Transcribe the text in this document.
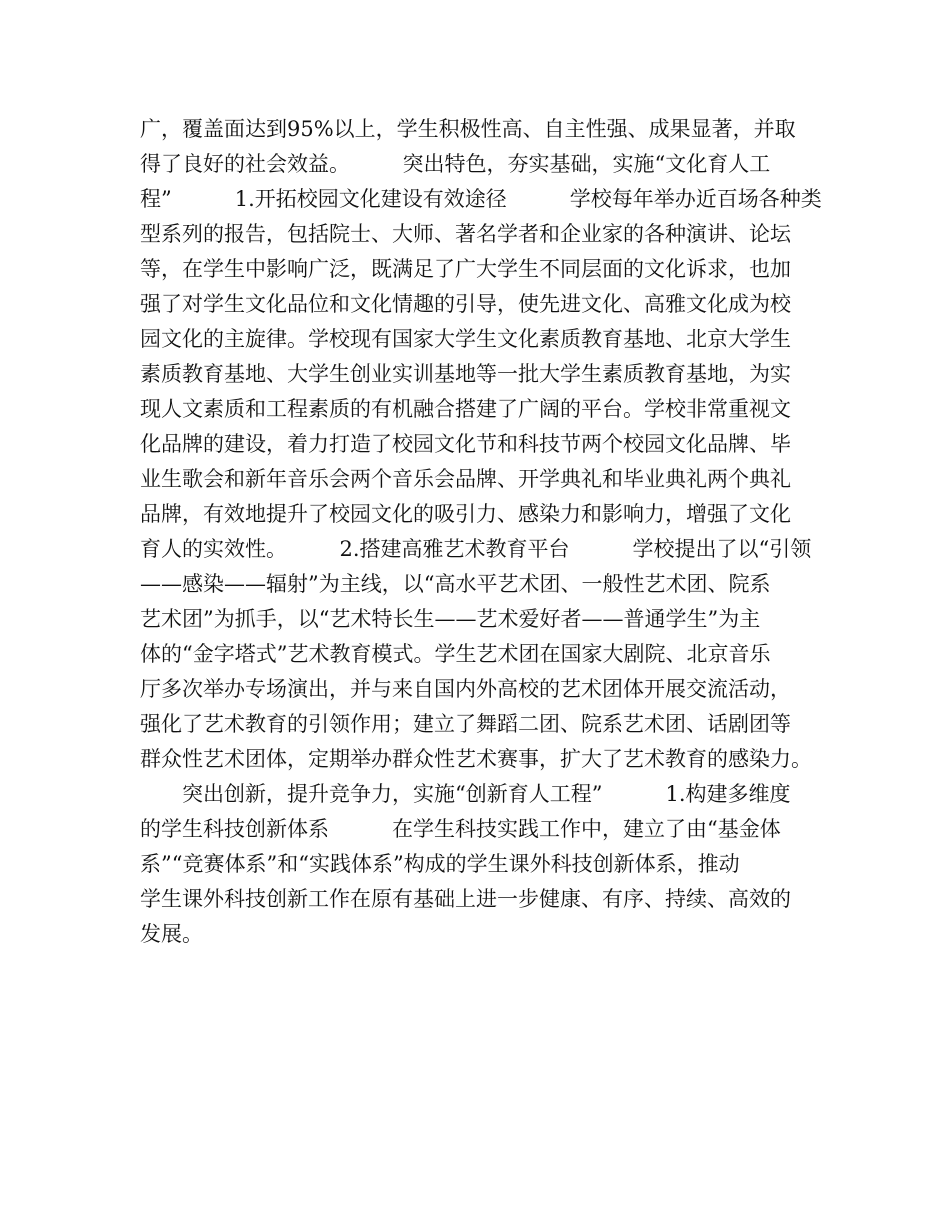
广，覆盖面达到95%以上，学生积极性高、自主性强、成果显著，并取
得了良好的社会效益。　　　突出特色，夯实基础，实施“文化育人工
程”　　　1.开拓校园文化建设有效途径　　　学校每年举办近百场各种类
型系列的报告，包括院士、大师、著名学者和企业家的各种演讲、论坛
等，在学生中影响广泛，既满足了广大学生不同层面的文化诉求，也加
强了对学生文化品位和文化情趣的引导，使先进文化、高雅文化成为校
园文化的主旋律。学校现有国家大学生文化素质教育基地、北京大学生
素质教育基地、大学生创业实训基地等一批大学生素质教育基地，为实
现人文素质和工程素质的有机融合搭建了广阔的平台。学校非常重视文
化品牌的建设，着力打造了校园文化节和科技节两个校园文化品牌、毕
业生歌会和新年音乐会两个音乐会品牌、开学典礼和毕业典礼两个典礼
品牌，有效地提升了校园文化的吸引力、感染力和影响力，增强了文化
育人的实效性。　　　2.搭建高雅艺术教育平台　　　学校提出了以“引领
——感染——辐射”为主线，以“高水平艺术团、一般性艺术团、院系
艺术团”为抓手，以“艺术特长生——艺术爱好者——普通学生”为主
体的“金字塔式”艺术教育模式。学生艺术团在国家大剧院、北京音乐
厅多次举办专场演出，并与来自国内外高校的艺术团体开展交流活动，
强化了艺术教育的引领作用；建立了舞蹈二团、院系艺术团、话剧团等
群众性艺术团体，定期举办群众性艺术赛事，扩大了艺术教育的感染力。
　　突出创新，提升竞争力，实施“创新育人工程”　　　1.构建多维度
的学生科技创新体系　　　在学生科技实践工作中，建立了由“基金体
系”“竞赛体系”和“实践体系”构成的学生课外科技创新体系，推动
学生课外科技创新工作在原有基础上进一步健康、有序、持续、高效的
发展。
